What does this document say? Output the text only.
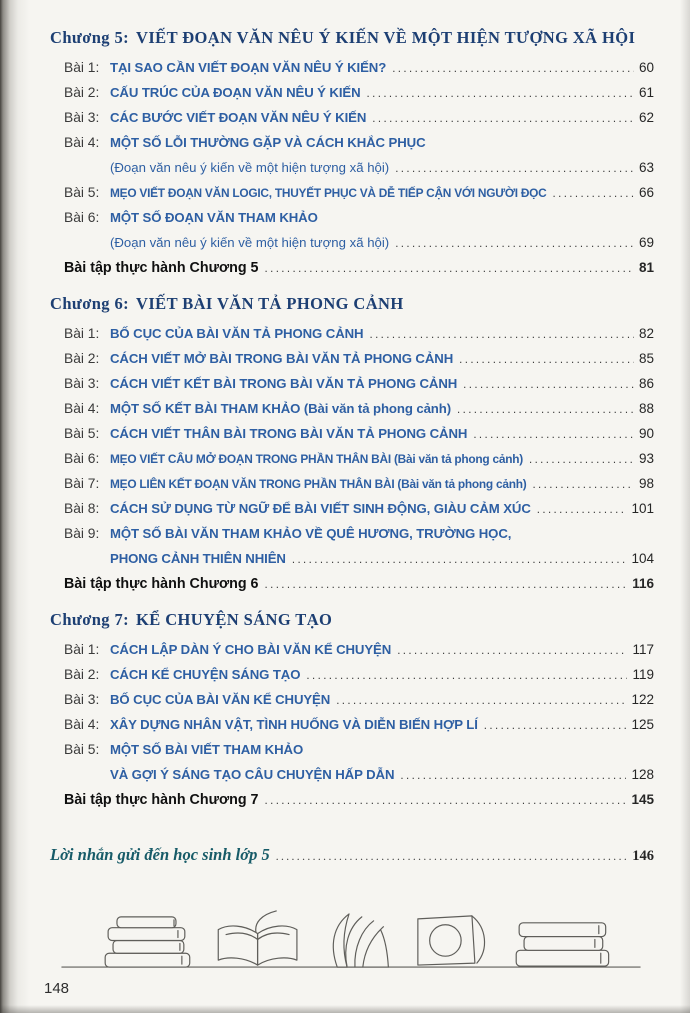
Chương 5: VIẾT ĐOẠN VĂN NÊU Ý KIẾN VỀ MỘT HIỆN TƯỢNG XÃ HỘI
Bài 1: TẠI SAO CẦN VIẾT ĐOẠN VĂN NÊU Ý KIẾN? .....	60
Bài 2: CẤU TRÚC CỦA ĐOẠN VĂN NÊU Ý KIẾN .....	61
Bài 3: CÁC BƯỚC VIẾT ĐOẠN VĂN NÊU Ý KIẾN .....	62
Bài 4: MỘT SỐ LỖI THƯỜNG GẶP VÀ CÁCH KHẮC PHỤC
(Đoạn văn nêu ý kiến về một hiện tượng xã hội) .....	63
Bài 5: MẸO VIẾT ĐOẠN VĂN LOGIC, THUYẾT PHỤC VÀ DỄ TIẾP CẬN VỚI NGƯỜI ĐỌC .....	66
Bài 6: MỘT SỐ ĐOẠN VĂN THAM KHẢO
(Đoạn văn nêu ý kiến về một hiện tượng xã hội) .....	69
Bài tập thực hành Chương 5 .....	81
Chương 6: VIẾT BÀI VĂN TẢ PHONG CẢNH
Bài 1: BỐ CỤC CỦA BÀI VĂN TẢ PHONG CẢNH .....	82
Bài 2: CÁCH VIẾT MỞ BÀI TRONG BÀI VĂN TẢ PHONG CẢNH .....	85
Bài 3: CÁCH VIẾT KẾT BÀI TRONG BÀI VĂN TẢ PHONG CẢNH .....	86
Bài 4: MỘT SỐ KẾT BÀI THAM KHẢO (Bài văn tả phong cảnh) .....	88
Bài 5: CÁCH VIẾT THÂN BÀI TRONG BÀI VĂN TẢ PHONG CẢNH .....	90
Bài 6: MẸO VIẾT CÂU MỞ ĐOẠN TRONG PHẦN THÂN BÀI (Bài văn tả phong cảnh) .....	93
Bài 7: MẸO LIÊN KẾT ĐOẠN VĂN TRONG PHẦN THÂN BÀI (Bài văn tả phong cảnh) .....	98
Bài 8: CÁCH SỬ DỤNG TỪ NGỮ ĐỂ BÀI VIẾT SINH ĐỘNG, GIÀU CẢM XÚC .....	101
Bài 9: MỘT SỐ BÀI VĂN THAM KHẢO VỀ QUÊ HƯƠNG, TRƯỜNG HỌC,
PHONG CẢNH THIÊN NHIÊN .....	104
Bài tập thực hành Chương 6 .....	116
Chương 7: KỂ CHUYỆN SÁNG TẠO
Bài 1: CÁCH LẬP DÀN Ý CHO BÀI VĂN KỂ CHUYỆN .....	117
Bài 2: CÁCH KỂ CHUYỆN SÁNG TẠO .....	119
Bài 3: BỐ CỤC CỦA BÀI VĂN KỂ CHUYỆN .....	122
Bài 4: XÂY DỰNG NHÂN VẬT, TÌNH HUỐNG VÀ DIỄN BIẾN HỢP LÍ .....	125
Bài 5: MỘT SỐ BÀI VIẾT THAM KHẢO
VÀ GỢI Ý SÁNG TẠO CÂU CHUYỆN HẤP DẪN .....	128
Bài tập thực hành Chương 7 .....	145
Lời nhắn gửi đến học sinh lớp 5 .....	146
148
